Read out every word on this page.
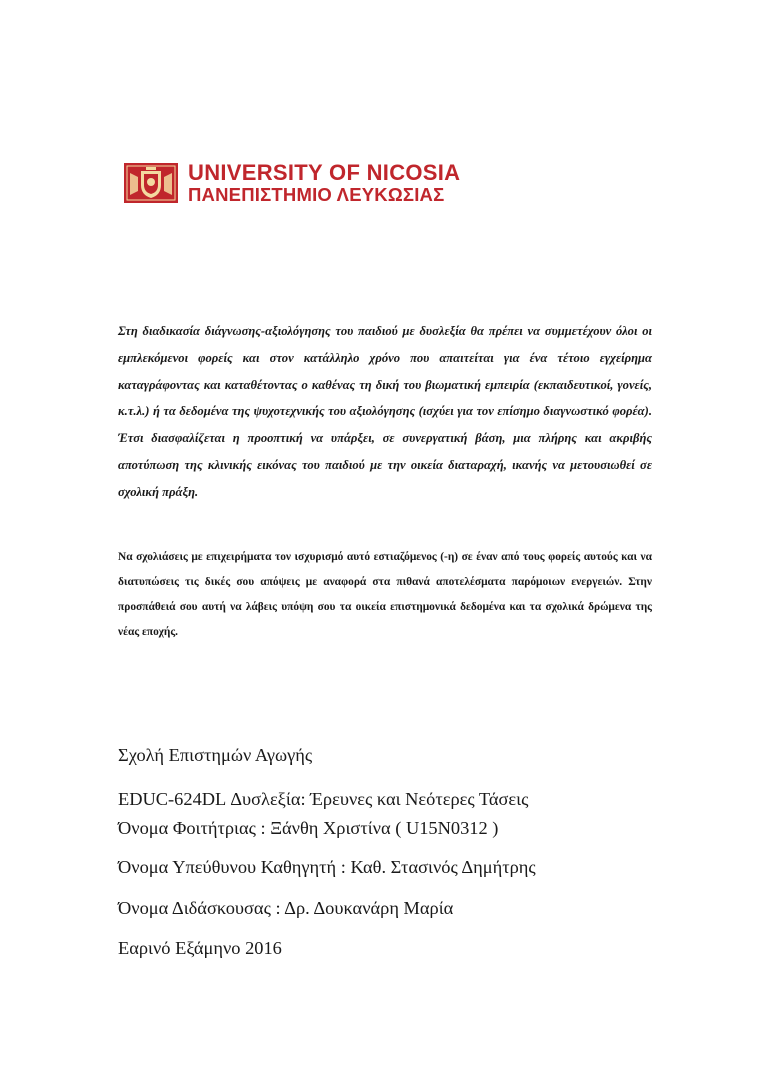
UNIVERSITY OF NICOSIA
ΠΑΝΕΠΙΣΤΗΜΙΟ ΛΕΥΚΩΣΙΑΣ

Στη διαδικασία διάγνωσης-αξιολόγησης του παιδιού με δυσλεξία θα πρέπει να συμμετέχουν όλοι οι εμπλεκόμενοι φορείς και στον κατάλληλο χρόνο που απαιτείται για ένα τέτοιο εγχείρημα καταγράφοντας και καταθέτοντας ο καθένας τη δική του βιωματική εμπειρία (εκπαιδευτικοί, γονείς, κ.τ.λ.) ή τα δεδομένα της ψυχοτεχνικής του αξιολόγησης (ισχύει για τον επίσημο διαγνωστικό φορέα). Έτσι διασφαλίζεται η προοπτική να υπάρξει, σε συνεργατική βάση, μια πλήρης και ακριβής αποτύπωση της κλινικής εικόνας του παιδιού με την οικεία διαταραχή, ικανής να μετουσιωθεί σε σχολική πράξη.

Να σχολιάσεις με επιχειρήματα τον ισχυρισμό αυτό εστιαζόμενος (-η) σε έναν από τους φορείς αυτούς και να διατυπώσεις τις δικές σου απόψεις με αναφορά στα πιθανά αποτελέσματα παρόμοιων ενεργειών. Στην προσπάθειά σου αυτή να λάβεις υπόψη σου τα οικεία επιστημονικά δεδομένα και τα σχολικά δρώμενα της νέας εποχής.

Σχολή Επιστημών Αγωγής

EDUC-624DL Δυσλεξία: Έρευνες και Νεότερες Τάσεις

Όνομα Φοιτήτριας : Ξάνθη Χριστίνα ( U15N0312 )

Όνομα Υπεύθυνου Καθηγητή : Καθ. Στασινός Δημήτρης

Όνομα Διδάσκουσας : Δρ. Δουκανάρη Μαρία

Εαρινό Εξάμηνο 2016
